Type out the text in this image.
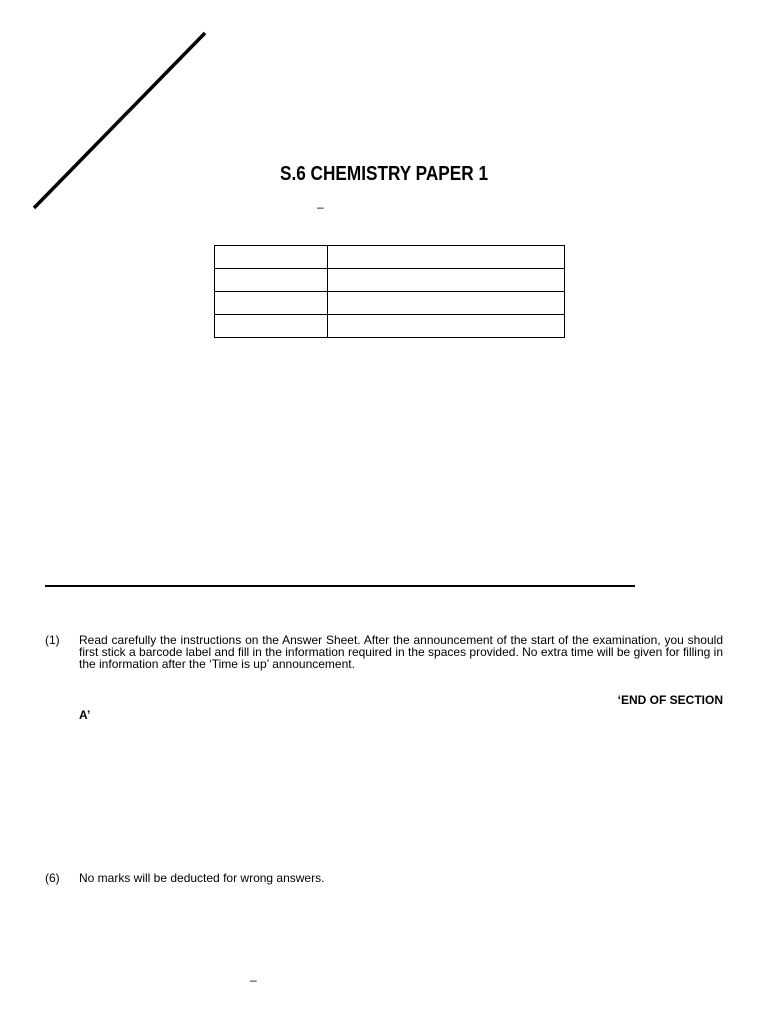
S.6 CHEMISTRY PAPER 1
–

(1)	Read carefully the instructions on the Answer Sheet. After the announcement of the start of the examination, you should first stick a barcode label and fill in the information required in the spaces provided. No extra time will be given for filling in the information after the ‘Time is up’ announcement.
‘END OF SECTION
A’
(6)	No marks will be deducted for wrong answers.
–
